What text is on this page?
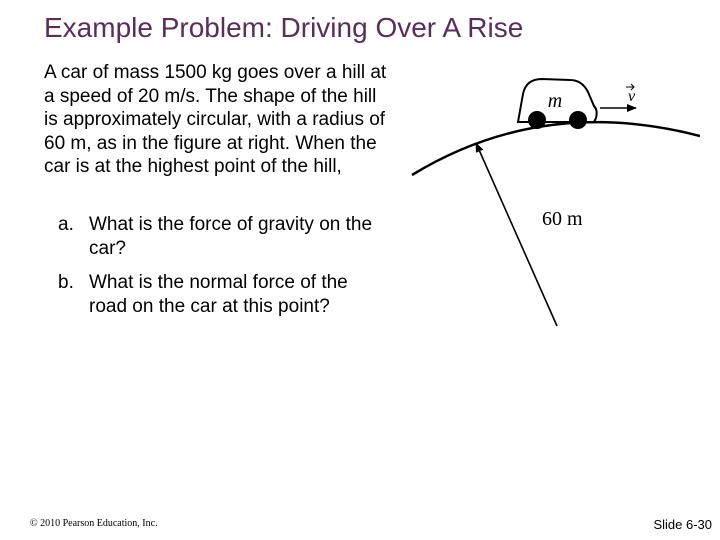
Example Problem: Driving Over A Rise
A car of mass 1500 kg goes over a hill at a speed of 20 m/s. The shape of the hill is approximately circular, with a radius of 60 m, as in the figure at right. When the car is at the highest point of the hill,
a. What is the force of gravity on the car?
b. What is the normal force of the road on the car at this point?
m	v
60 m
© 2010 Pearson Education, Inc.	Slide 6-30
